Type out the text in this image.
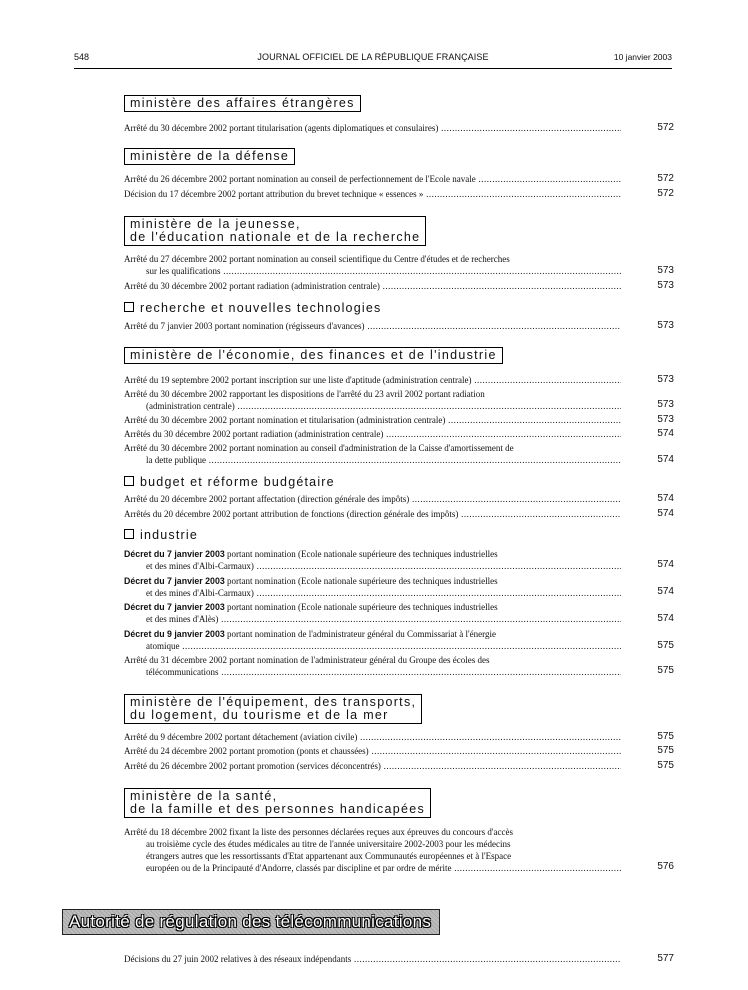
548	JOURNAL OFFICIEL DE LA RÉPUBLIQUE FRANÇAISE	10 janvier 2003
ministère des affaires étrangères
Arrêté du 30 décembre 2002 portant titularisation (agents diplomatiques et consulaires) .....	572
ministère de la défense
Arrêté du 26 décembre 2002 portant nomination au conseil de perfectionnement de l'Ecole navale .....	572
Décision du 17 décembre 2002 portant attribution du brevet technique « essences » .....	572
ministère de la jeunesse,
de l'éducation nationale et de la recherche
Arrêté du 27 décembre 2002 portant nomination au conseil scientifique du Centre d'études et de recherches
sur les qualifications .....	573
Arrêté du 30 décembre 2002 portant radiation (administration centrale) .....	573
recherche et nouvelles technologies
Arrêté du 7 janvier 2003 portant nomination (régisseurs d'avances) .....	573
ministère de l'économie, des finances et de l'industrie
Arrêté du 19 septembre 2002 portant inscription sur une liste d'aptitude (administration centrale) .....	573
Arrêté du 30 décembre 2002 rapportant les dispositions de l'arrêté du 23 avril 2002 portant radiation
(administration centrale) .....	573
Arrêté du 30 décembre 2002 portant nomination et titularisation (administration centrale) .....	573
Arrêtés du 30 décembre 2002 portant radiation (administration centrale) .....	574
Arrêté du 30 décembre 2002 portant nomination au conseil d'administration de la Caisse d'amortissement de
la dette publique .....	574
budget et réforme budgétaire
Arrêté du 20 décembre 2002 portant affectation (direction générale des impôts) .....	574
Arrêtés du 20 décembre 2002 portant attribution de fonctions (direction générale des impôts) .....	574
industrie
Décret du 7 janvier 2003 portant nomination (Ecole nationale supérieure des techniques industrielles
et des mines d'Albi-Carmaux) .....	574
Décret du 7 janvier 2003 portant nomination (Ecole nationale supérieure des techniques industrielles
et des mines d'Albi-Carmaux) .....	574
Décret du 7 janvier 2003 portant nomination (Ecole nationale supérieure des techniques industrielles
et des mines d'Alès) .....	574
Décret du 9 janvier 2003 portant nomination de l'administrateur général du Commissariat à l'énergie
atomique .....	575
Arrêté du 31 décembre 2002 portant nomination de l'administrateur général du Groupe des écoles des
télécommunications .....	575
ministère de l'équipement, des transports,
du logement, du tourisme et de la mer
Arrêté du 9 décembre 2002 portant détachement (aviation civile) .....	575
Arrêté du 24 décembre 2002 portant promotion (ponts et chaussées) .....	575
Arrêté du 26 décembre 2002 portant promotion (services déconcentrés) .....	575
ministère de la santé,
de la famille et des personnes handicapées
Arrêté du 18 décembre 2002 fixant la liste des personnes déclarées reçues aux épreuves du concours d'accès
au troisième cycle des études médicales au titre de l'année universitaire 2002-2003 pour les médecins
étrangers autres que les ressortissants d'Etat appartenant aux Communautés européennes et à l'Espace
européen ou de la Principauté d'Andorre, classés par discipline et par ordre de mérite .....	576
Autorité de régulation des télécommunications
Décisions du 27 juin 2002 relatives à des réseaux indépendants .....	577
